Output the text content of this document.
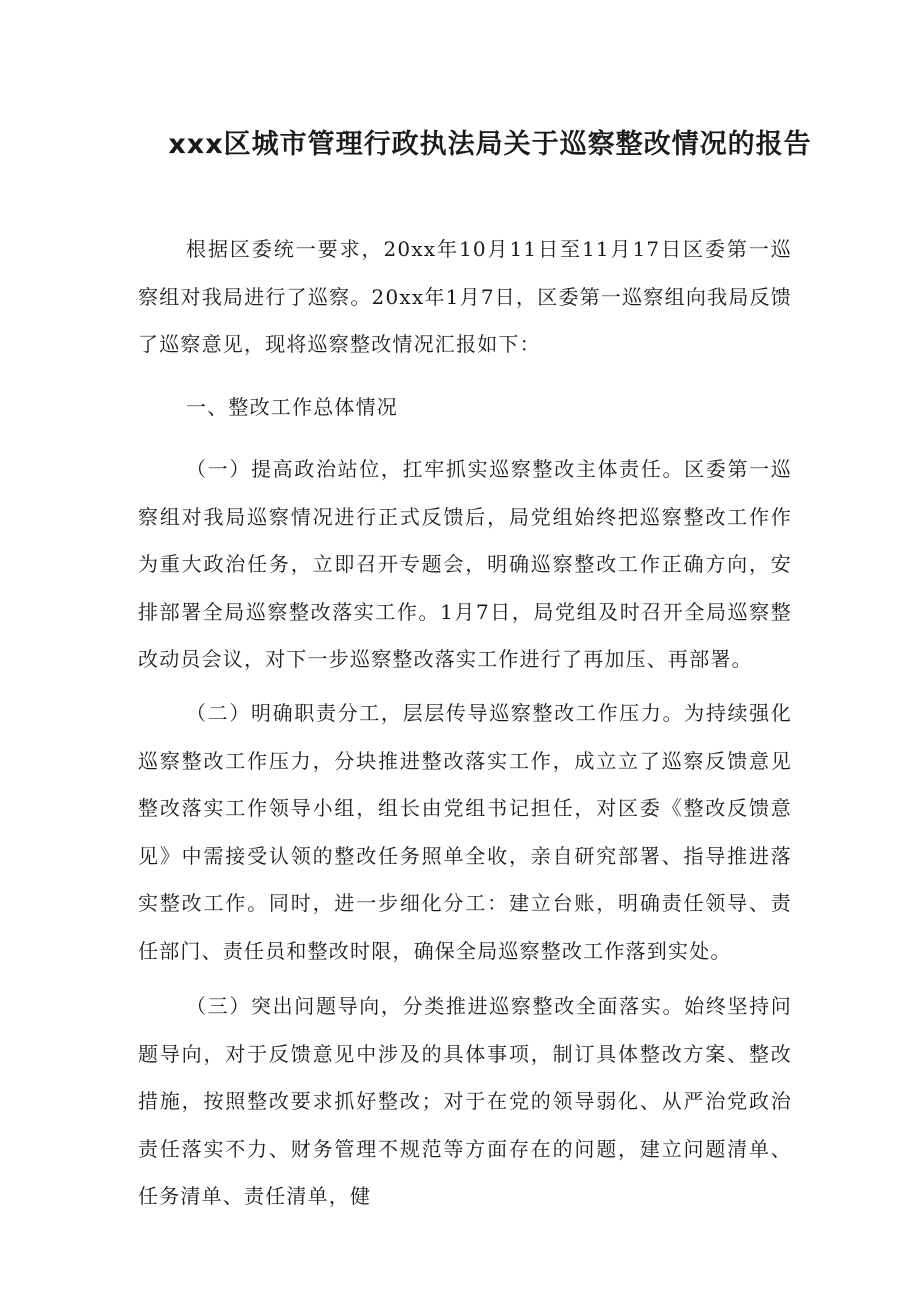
xxx区城市管理行政执法局关于巡察整改情况的报告

根据区委统一要求，20xx年10月11日至11月17日区委第一巡察组对我局进行了巡察。20xx年1月7日，区委第一巡察组向我局反馈了巡察意见，现将巡察整改情况汇报如下：

一、整改工作总体情况

（一）提高政治站位，扛牢抓实巡察整改主体责任。区委第一巡察组对我局巡察情况进行正式反馈后，局党组始终把巡察整改工作作为重大政治任务，立即召开专题会，明确巡察整改工作正确方向，安排部署全局巡察整改落实工作。1月7日，局党组及时召开全局巡察整改动员会议，对下一步巡察整改落实工作进行了再加压、再部署。

（二）明确职责分工，层层传导巡察整改工作压力。为持续强化巡察整改工作压力，分块推进整改落实工作，成立立了巡察反馈意见整改落实工作领导小组，组长由党组书记担任，对区委《整改反馈意见》中需接受认领的整改任务照单全收，亲自研究部署、指导推进落实整改工作。同时，进一步细化分工：建立台账，明确责任领导、责任部门、责任员和整改时限，确保全局巡察整改工作落到实处。

（三）突出问题导向，分类推进巡察整改全面落实。始终坚持问题导向，对于反馈意见中涉及的具体事项，制订具体整改方案、整改措施，按照整改要求抓好整改；对于在党的领导弱化、从严治党政治责任落实不力、财务管理不规范等方面存在的问题，建立问题清单、任务清单、责任清单，健
